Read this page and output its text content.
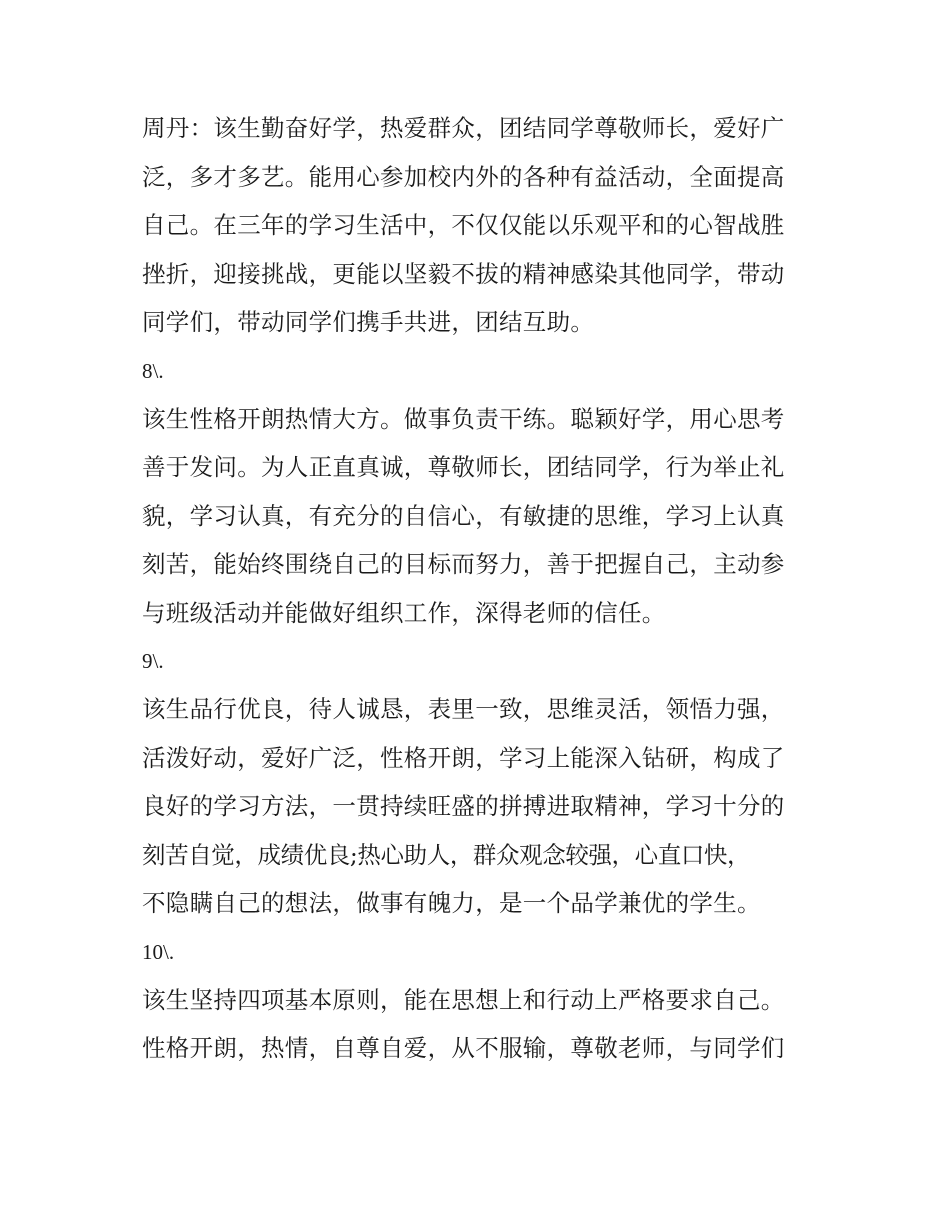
周丹：该生勤奋好学，热爱群众，团结同学尊敬师长，爱好广
泛，多才多艺。能用心参加校内外的各种有益活动，全面提高
自己。在三年的学习生活中，不仅仅能以乐观平和的心智战胜
挫折，迎接挑战，更能以坚毅不拔的精神感染其他同学，带动
同学们，带动同学们携手共进，团结互助。
8\.
该生性格开朗热情大方。做事负责干练。聪颖好学，用心思考
善于发问。为人正直真诚，尊敬师长，团结同学，行为举止礼
貌，学习认真，有充分的自信心，有敏捷的思维，学习上认真
刻苦，能始终围绕自己的目标而努力，善于把握自己，主动参
与班级活动并能做好组织工作，深得老师的信任。
9\.
该生品行优良，待人诚恳，表里一致，思维灵活，领悟力强，
活泼好动，爱好广泛，性格开朗，学习上能深入钻研，构成了
良好的学习方法，一贯持续旺盛的拼搏进取精神，学习十分的
刻苦自觉，成绩优良;热心助人，群众观念较强，心直口快，
不隐瞒自己的想法，做事有魄力，是一个品学兼优的学生。
10\.
该生坚持四项基本原则，能在思想上和行动上严格要求自己。
性格开朗，热情，自尊自爱，从不服输，尊敬老师，与同学们
